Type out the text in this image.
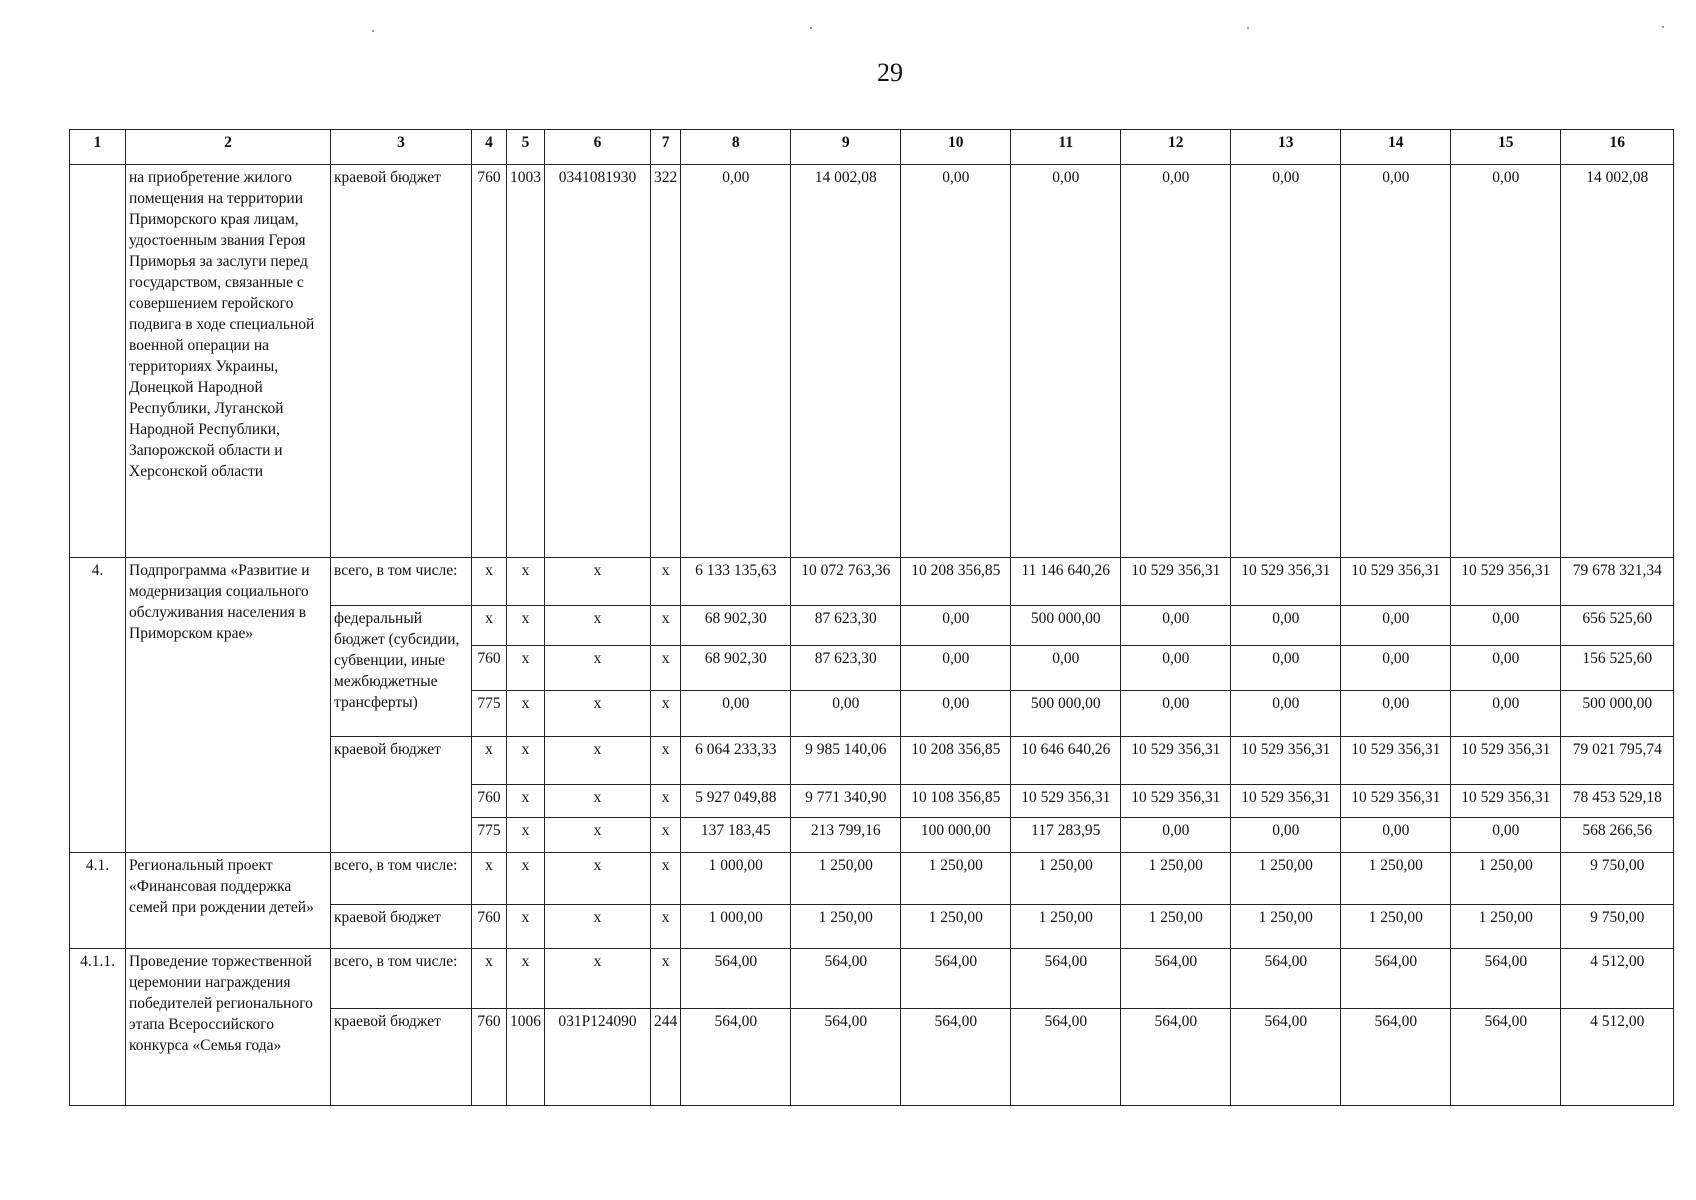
29
1	2	3	4	5	6	7	8	9	10	11	12	13	14	15	16
	на приобретение жилого помещения на территории Приморского края лицам, удостоенным звания Героя Приморья за заслуги перед государством, связанные с совершением геройского подвига в ходе специальной военной операции на территориях Украины, Донецкой Народной Республики, Луганской Народной Республики, Запорожской области и Херсонской области	краевой бюджет	760	1003	0341081930	322	0,00	14 002,08	0,00	0,00	0,00	0,00	0,00	0,00	14 002,08
4.	Подпрограмма «Развитие и модернизация социального обслуживания населения в Приморском крае»	всего, в том числе:	x	x	x	x	6 133 135,63	10 072 763,36	10 208 356,85	11 146 640,26	10 529 356,31	10 529 356,31	10 529 356,31	10 529 356,31	79 678 321,34
		федеральный бюджет (субсидии, субвенции, иные межбюджетные трансферты)	x	x	x	x	68 902,30	87 623,30	0,00	500 000,00	0,00	0,00	0,00	0,00	656 525,60
			760	x	x	x	68 902,30	87 623,30	0,00	0,00	0,00	0,00	0,00	0,00	156 525,60
			775	x	x	x	0,00	0,00	0,00	500 000,00	0,00	0,00	0,00	0,00	500 000,00
		краевой бюджет	x	x	x	x	6 064 233,33	9 985 140,06	10 208 356,85	10 646 640,26	10 529 356,31	10 529 356,31	10 529 356,31	10 529 356,31	79 021 795,74
			760	x	x	x	5 927 049,88	9 771 340,90	10 108 356,85	10 529 356,31	10 529 356,31	10 529 356,31	10 529 356,31	10 529 356,31	78 453 529,18
			775	x	x	x	137 183,45	213 799,16	100 000,00	117 283,95	0,00	0,00	0,00	0,00	568 266,56
4.1.	Региональный проект «Финансовая поддержка семей при рождении детей»	всего, в том числе:	x	x	x	x	1 000,00	1 250,00	1 250,00	1 250,00	1 250,00	1 250,00	1 250,00	1 250,00	9 750,00
		краевой бюджет	760	x	x	x	1 000,00	1 250,00	1 250,00	1 250,00	1 250,00	1 250,00	1 250,00	1 250,00	9 750,00
4.1.1.	Проведение торжественной церемонии награждения победителей регионального этапа Всероссийского конкурса «Семья года»	всего, в том числе:	x	x	x	x	564,00	564,00	564,00	564,00	564,00	564,00	564,00	564,00	4 512,00
		краевой бюджет	760	1006	031P124090	244	564,00	564,00	564,00	564,00	564,00	564,00	564,00	564,00	4 512,00
